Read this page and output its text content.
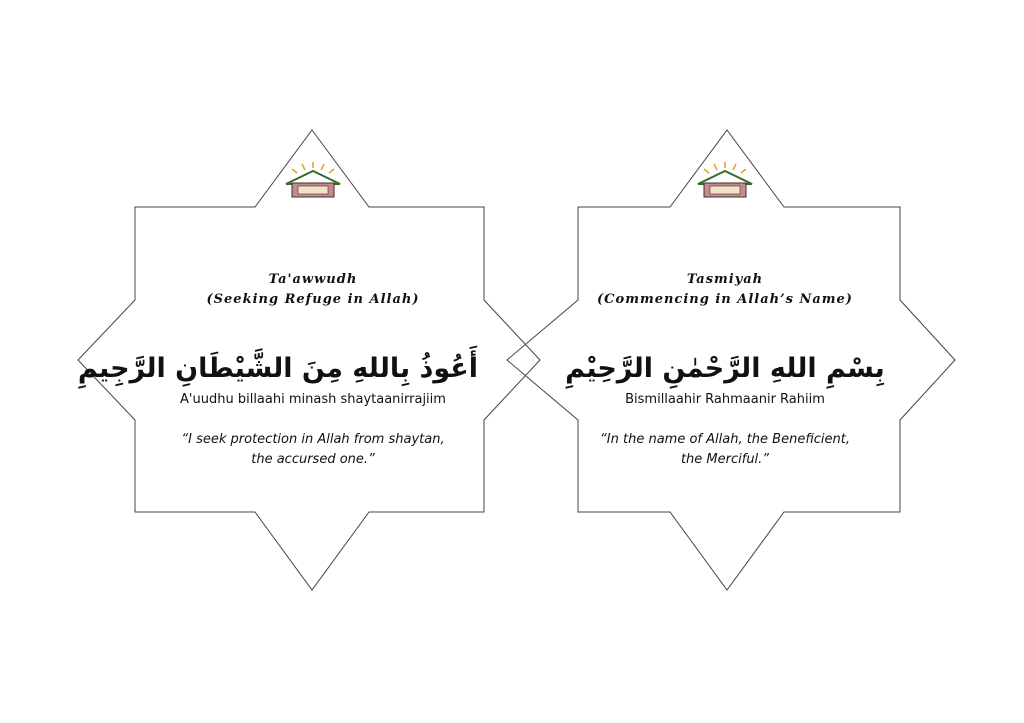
Ta'awwudh
(Seeking Refuge in Allah)
أَعُوذُ بِاللهِ مِنَ الشَّيْطَانِ الرَّجِيمِ
A'uudhu billaahi minash shaytaanirrajiim
“I seek protection in Allah from shaytan,
the accursed one.”
Tasmiyah
(Commencing in Allah’s Name)
بِسْمِ اللهِ الرَّحْمٰنِ الرَّحِيْمِ
Bismillaahir Rahmaanir Rahiim
“In the name of Allah, the Beneficient,
the Merciful.”
